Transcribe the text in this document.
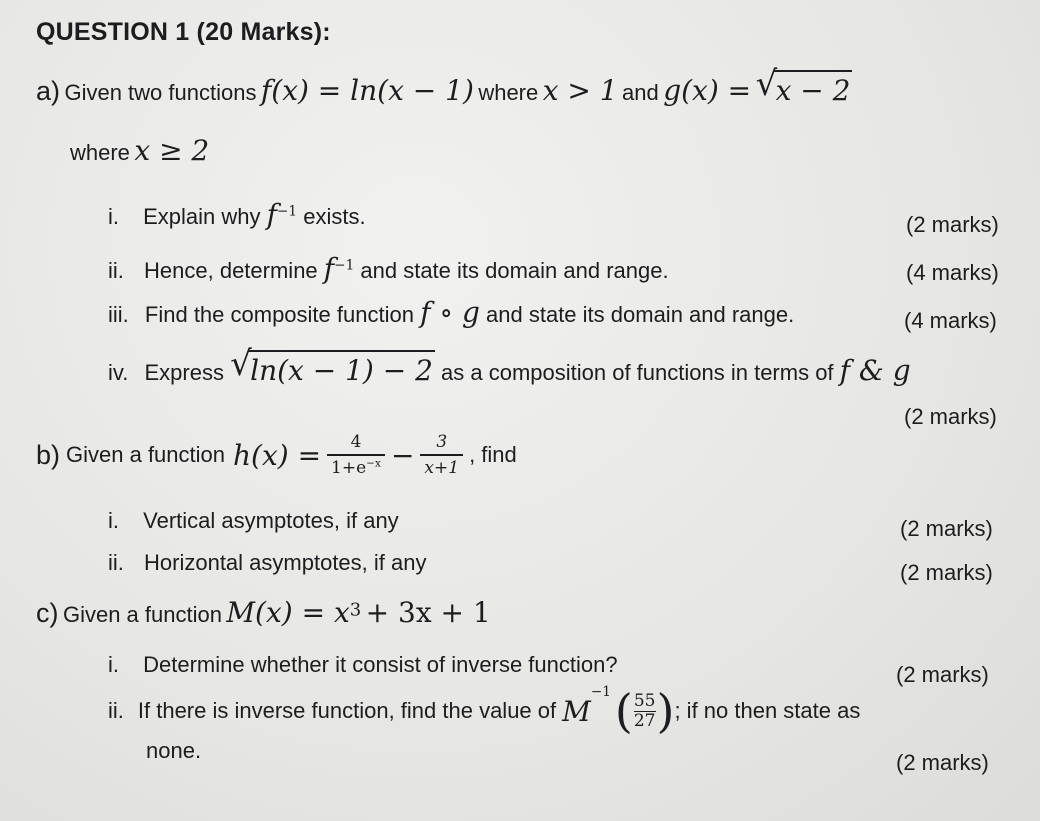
QUESTION 1 (20 Marks):
a) Given two functions f(x) = ln(x − 1) where x > 1 and g(x) = √
x − 2
where x ≥ 2
i. Explain why $f^{-1}$ exists.	(2 marks)
ii. Hence, determine $f^{-1}$ and state its domain and range.	(4 marks)
iii. Find the composite function f ∘ g and state its domain and range.	(4 marks)
iv. Express √
ln(x − 1) − 2 as a composition of functions in terms of f & g
(2 marks)
b) Given a function $h(x) = \frac{4}{1+e^{-x}} - \frac{3}{x+1}$ , find
i. Vertical asymptotes, if any	(2 marks)
ii. Horizontal asymptotes, if any	(2 marks)
c) Given a function $M(x) = x^3 + 3x + 1$
i. Determine whether it consist of inverse function?	(2 marks)
ii. If there is inverse function, find the value of M
−1 ( 55
27 ) ; if no then state as
none.	(2 marks)
